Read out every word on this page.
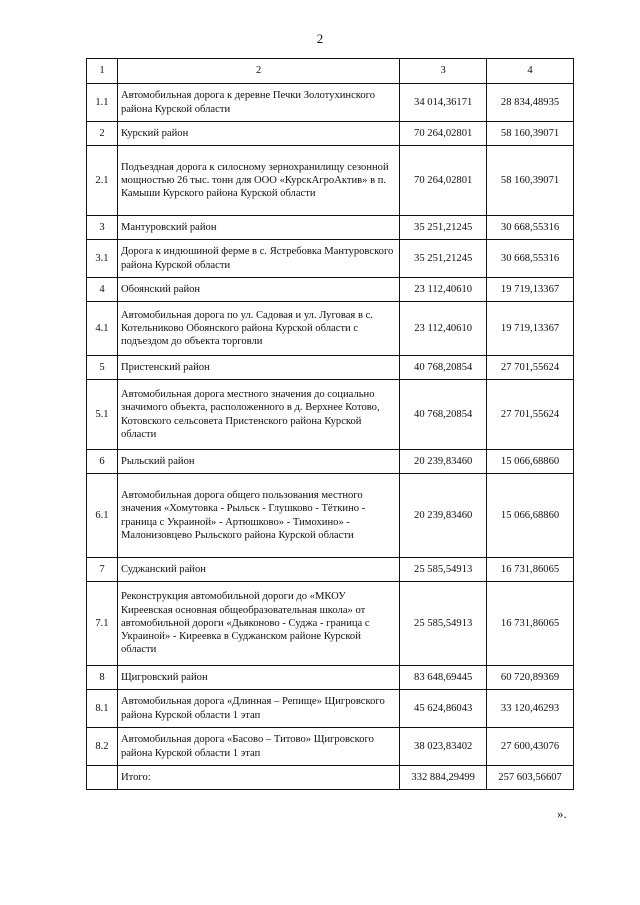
2
1	2	3	4
1.1	Автомобильная дорога к деревне Печки Золотухинского района Курской области	34 014,36171	28 834,48935
2	Курский район	70 264,02801	58 160,39071
2.1	Подъездная дорога к силосному зернохранилищу сезонной мощностью 26 тыс. тонн для ООО «КурскАгроАктив» в п. Камыши Курского района Курской области	70 264,02801	58 160,39071
3	Мантуровский район	35 251,21245	30 668,55316
3.1	Дорога к индюшиной ферме в с. Ястребовка Мантуровского района Курской области	35 251,21245	30 668,55316
4	Обоянский район	23 112,40610	19 719,13367
4.1	Автомобильная дорога по ул. Садовая и ул. Луговая в с. Котельниково Обоянского района Курской области с подъездом до объекта торговли	23 112,40610	19 719,13367
5	Пристенский район	40 768,20854	27 701,55624
5.1	Автомобильная дорога местного значения до социально значимого объекта, расположенного в д. Верхнее Котово, Котовского сельсовета Пристенского района Курской области	40 768,20854	27 701,55624
6	Рыльский район	20 239,83460	15 066,68860
6.1	Автомобильная дорога общего пользования местного значения «Хомутовка - Рыльск - Глушково - Тёткино - граница с Украиной» - Артюшково» - Тимохино» - Малонизовцево Рыльского района Курской области	20 239,83460	15 066,68860
7	Суджанский район	25 585,54913	16 731,86065
7.1	Реконструкция автомобильной дороги до «МКОУ Киреевская основная общеобразовательная школа» от автомобильной дороги «Дьяконово - Суджа - граница с Украиной» - Киреевка в Суджанском районе Курской области	25 585,54913	16 731,86065
8	Щигровский район	83 648,69445	60 720,89369
8.1	Автомобильная дорога «Длинная – Репище» Щигровского района Курской области 1 этап	45 624,86043	33 120,46293
8.2	Автомобильная дорога «Басово – Титово» Щигровского района Курской области 1 этап	38 023,83402	27 600,43076
	Итого:	332 884,29499	257 603,56607
».
